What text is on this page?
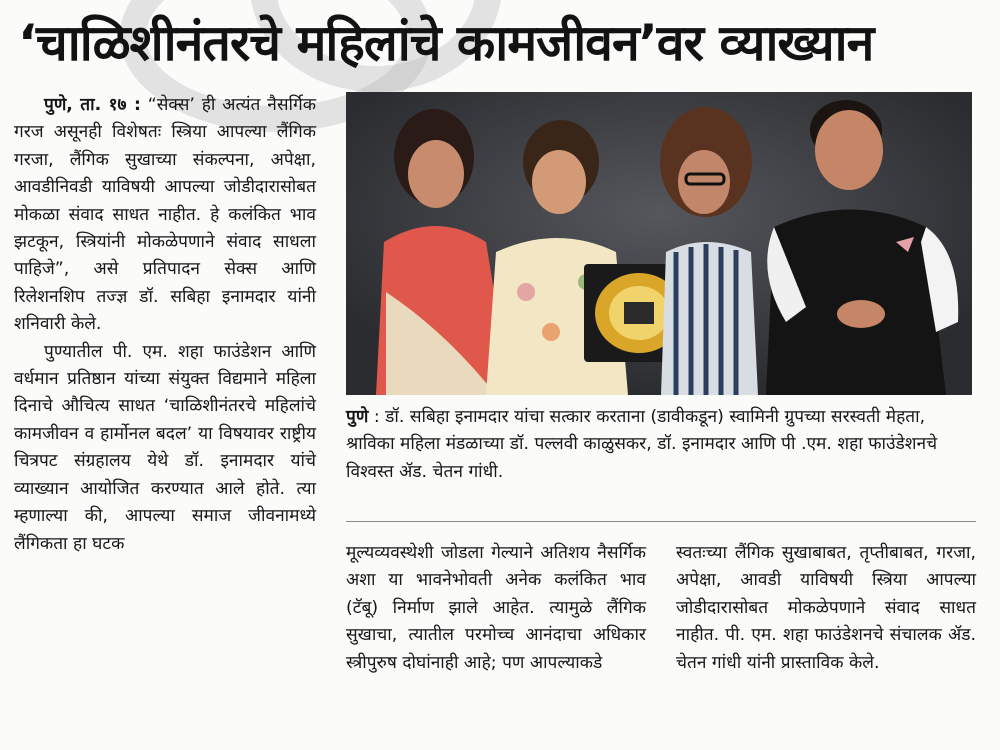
‘चाळिशीनंतरचे महिलांचे कामजीवन’वर व्याख्यान

पुणे, ता. १७ : “सेक्स’ ही अत्यंत नैसर्गिक गरज असूनही विशेषतः स्त्रिया आपल्या लैंगिक गरजा, लैंगिक सुखाच्या संकल्पना, अपेक्षा, आवडीनिवडी याविषयी आपल्या जोडीदारासोबत मोकळा संवाद साधत नाहीत. हे कलंकित भाव झटकून, स्त्रियांनी मोकळेपणाने संवाद साधला पाहिजे”, असे प्रतिपादन सेक्स आणि रिलेशनशिप तज्ज्ञ डॉ. सबिहा इनामदार यांनी शनिवारी केले.

पुण्यातील पी. एम. शहा फाउंडेशन आणि वर्धमान प्रतिष्ठान यांच्या संयुक्त विद्यमाने महिला दिनाचे औचित्य साधत ‘चाळिशीनंतरचे महिलांचे कामजीवन व हार्मोनल बदल’ या विषयावर राष्ट्रीय चित्रपट संग्रहालय येथे डॉ. इनामदार यांचे व्याख्यान आयोजित करण्यात आले होते. त्या म्हणाल्या की, आपल्या समाज जीवनामध्ये लैंगिकता हा घटक

पुणे : डॉ. सबिहा इनामदार यांचा सत्कार करताना (डावीकडून) स्वामिनी ग्रुपच्या सरस्वती मेहता, श्राविका महिला मंडळाच्या डॉ. पल्लवी काळुसकर, डॉ. इनामदार आणि पी .एम. शहा फाउंडेशनचे विश्‍वस्त ॲड. चेतन गांधी.

मूल्यव्यवस्थेशी जोडला गेल्याने अतिशय नैसर्गिक अशा या भावनेभोवती अनेक कलंकित भाव (टॅबू) निर्माण झाले आहेत. त्यामुळे लैंगिक सुखाचा, त्यातील परमोच्च आनंदाचा अधिकार स्त्रीपुरुष दोघांनाही आहे; पण आपल्याकडे

स्वतःच्या लैंगिक सुखाबाबत, तृप्तीबाबत, गरजा, अपेक्षा, आवडी याविषयी स्त्रिया आपल्या जोडीदारासोबत मोकळेपणाने संवाद साधत नाहीत. पी. एम. शहा फाउंडेशनचे संचालक ॲड. चेतन गांधी यांनी प्रास्ताविक केले.
